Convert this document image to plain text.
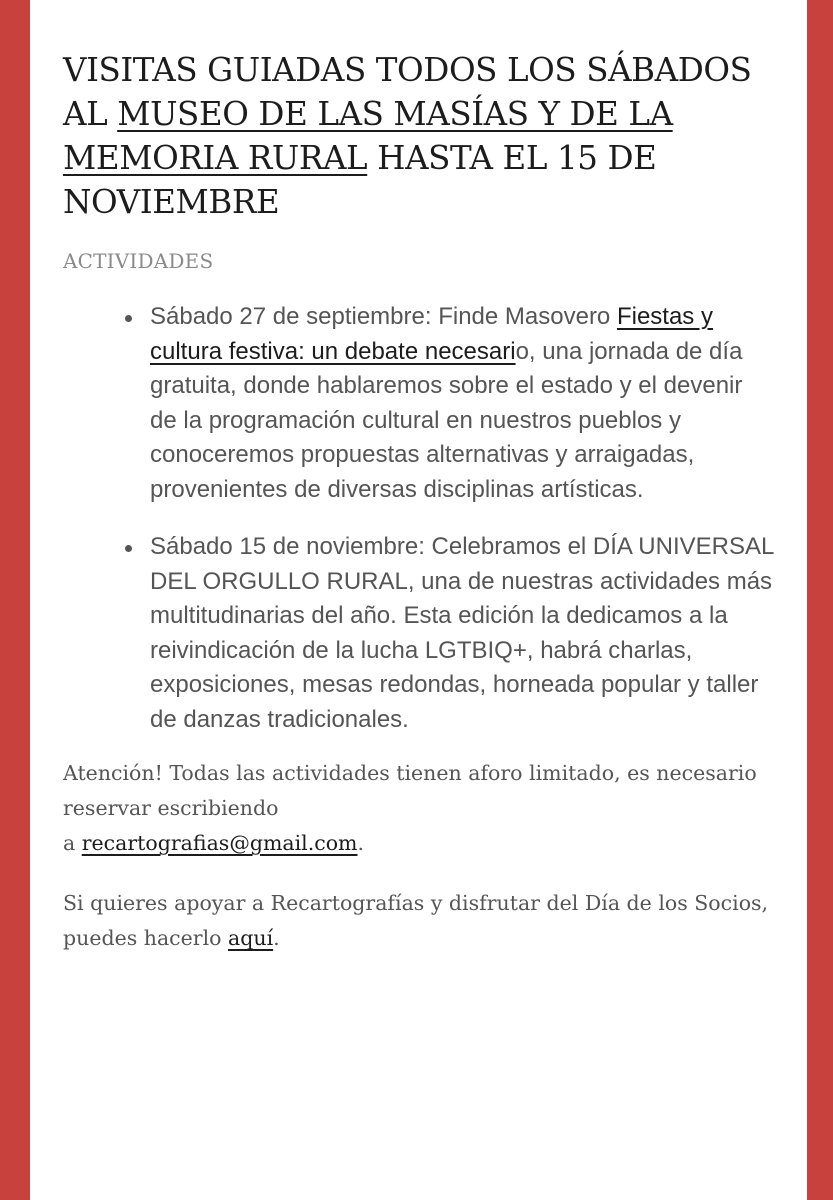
VISITAS GUIADAS TODOS LOS SÁBADOS AL MUSEO DE LAS MASÍAS Y DE LA MEMORIA RURAL HASTA EL 15 DE NOVIEMBRE
ACTIVIDADES
Sábado 27 de septiembre: Finde Masovero Fiestas y cultura festiva: un debate necesario, una jornada de día gratuita, donde hablaremos sobre el estado y el devenir de la programación cultural en nuestros pueblos y conoceremos propuestas alternativas y arraigadas, provenientes de diversas disciplinas artísticas.
Sábado 15 de noviembre: Celebramos el DÍA UNIVERSAL DEL ORGULLO RURAL, una de nuestras actividades más multitudinarias del año. Esta edición la dedicamos a la reivindicación de la lucha LGTBIQ+, habrá charlas, exposiciones, mesas redondas, horneada popular y taller de danzas tradicionales.

Atención! Todas las actividades tienen aforo limitado, es necesario reservar escribiendo
a recartografias@gmail.com.

Si quieres apoyar a Recartografías y disfrutar del Día de los Socios, puedes hacerlo aquí.
